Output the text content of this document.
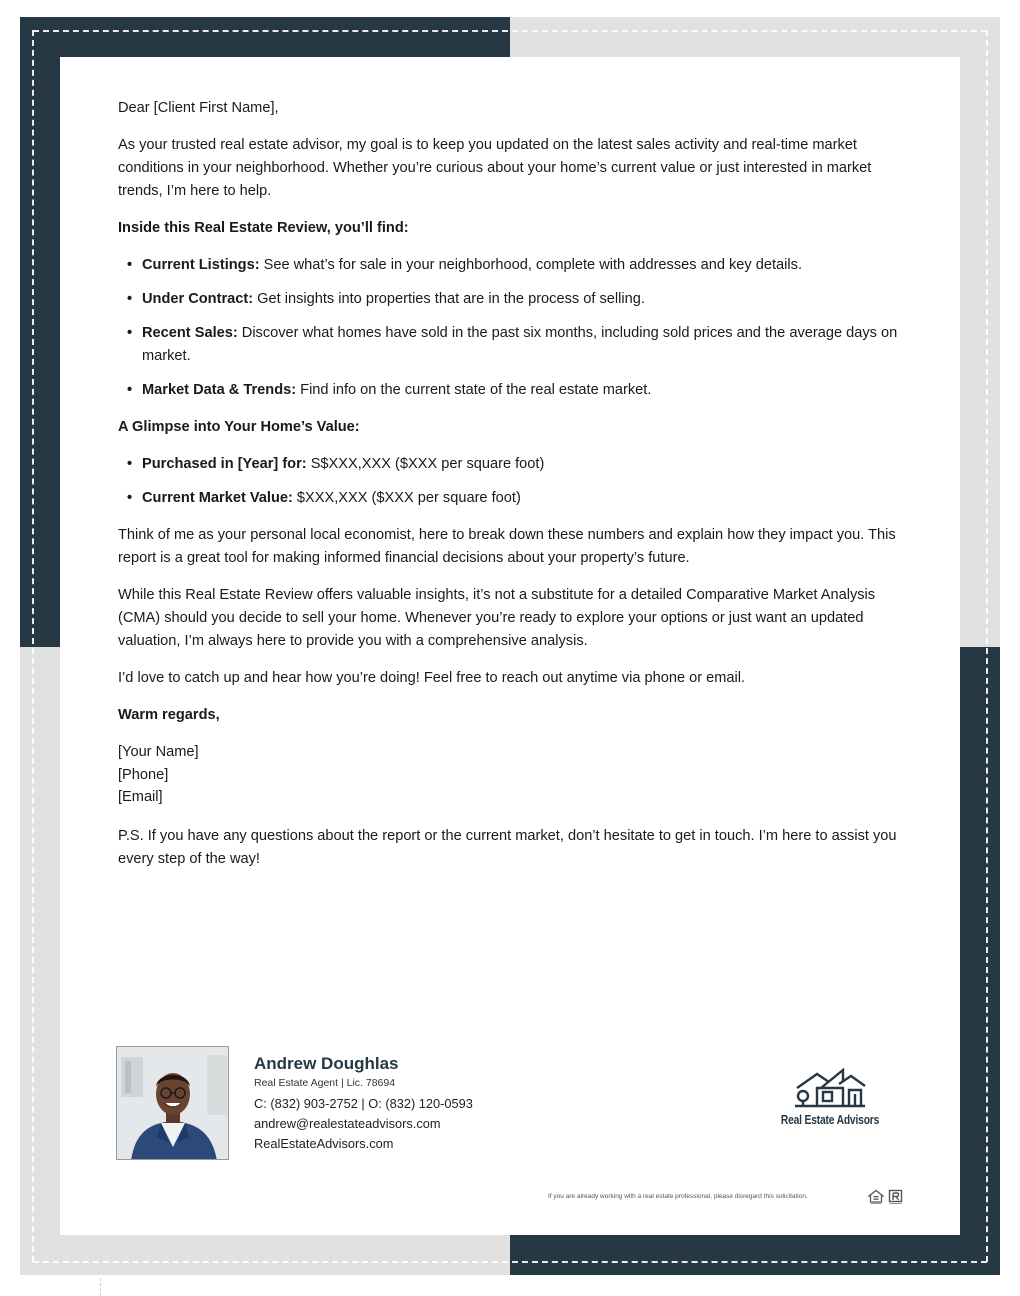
Dear [Client First Name],

As your trusted real estate advisor, my goal is to keep you updated on the latest sales activity and real-time market conditions in your neighborhood. Whether you’re curious about your home’s current value or just interested in market trends, I’m here to help.

Inside this Real Estate Review, you’ll find:

• Current Listings: See what’s for sale in your neighborhood, complete with addresses and key details.
• Under Contract: Get insights into properties that are in the process of selling.
• Recent Sales: Discover what homes have sold in the past six months, including sold prices and the average days on market.
• Market Data & Trends: Find info on the current state of the real estate market.

A Glimpse into Your Home’s Value:

• Purchased in [Year] for: S$XXX,XXX ($XXX per square foot)
• Current Market Value: $XXX,XXX ($XXX per square foot)

Think of me as your personal local economist, here to break down these numbers and explain how they impact you. This report is a great tool for making informed financial decisions about your property’s future.

While this Real Estate Review offers valuable insights, it’s not a substitute for a detailed Comparative Market Analysis (CMA) should you decide to sell your home. Whenever you’re ready to explore your options or just want an updated valuation, I’m always here to provide you with a comprehensive analysis.

I’d love to catch up and hear how you’re doing! Feel free to reach out anytime via phone or email.

Warm regards,

[Your Name]
[Phone]
[Email]

P.S. If you have any questions about the report or the current market, don’t hesitate to get in touch. I’m here to assist you every step of the way!

Andrew Doughlas
Real Estate Agent | Lic. 78694
C: (832) 903-2752 | O: (832) 120-0593
andrew@realestateadvisors.com
RealEstateAdvisors.com
Real Estate Advisors
If you are already working with a real estate professional, please disregard this solicitation.
